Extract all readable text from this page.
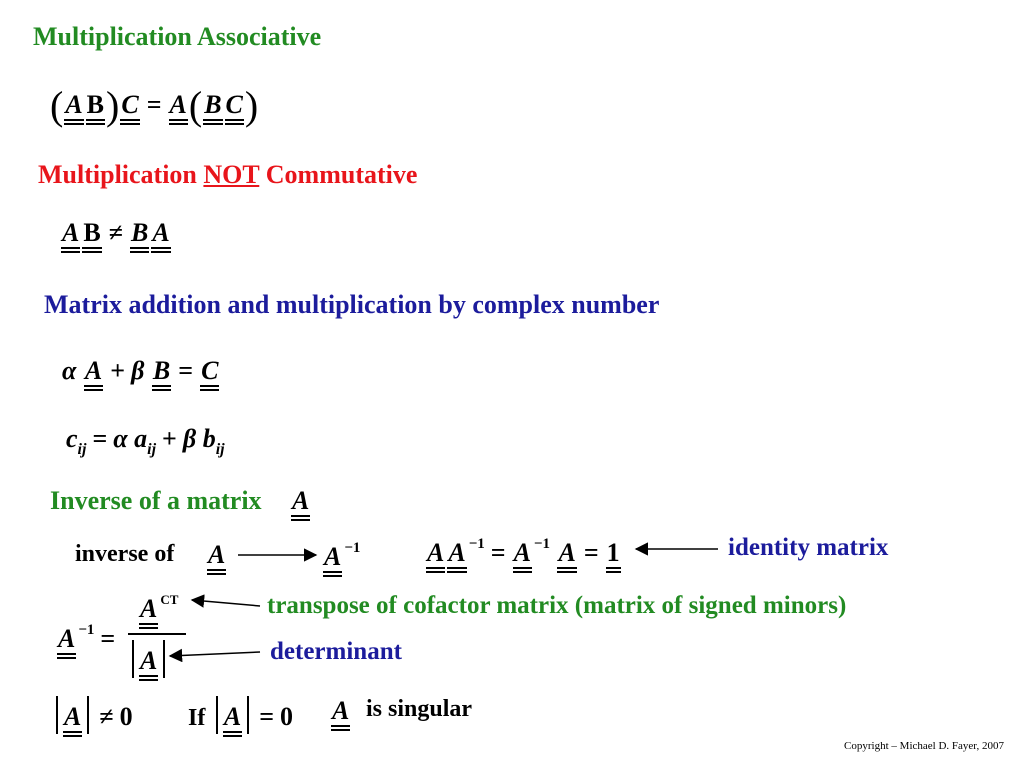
Multiplication Associative
(A B)C = A(B C)
Multiplication NOT Commutative
A B ≠ B A
Matrix addition and multiplication by complex number
α A + β B = C
$c_{ij} = \alpha$ $a_{ij} + \beta$ $b_{ij}$
Inverse of a matrix A
inverse of A	A $^{-1}$	A A $^{-1}$ = A $^{-1}$ A = 1	identity matrix
A $^{-1}$ =
A $^{CT}$
A
transpose of cofactor matrix (matrix of signed minors)
determinant
A ≠ 0 If A = 0 A is singular
Copyright – Michael D. Fayer, 2007
